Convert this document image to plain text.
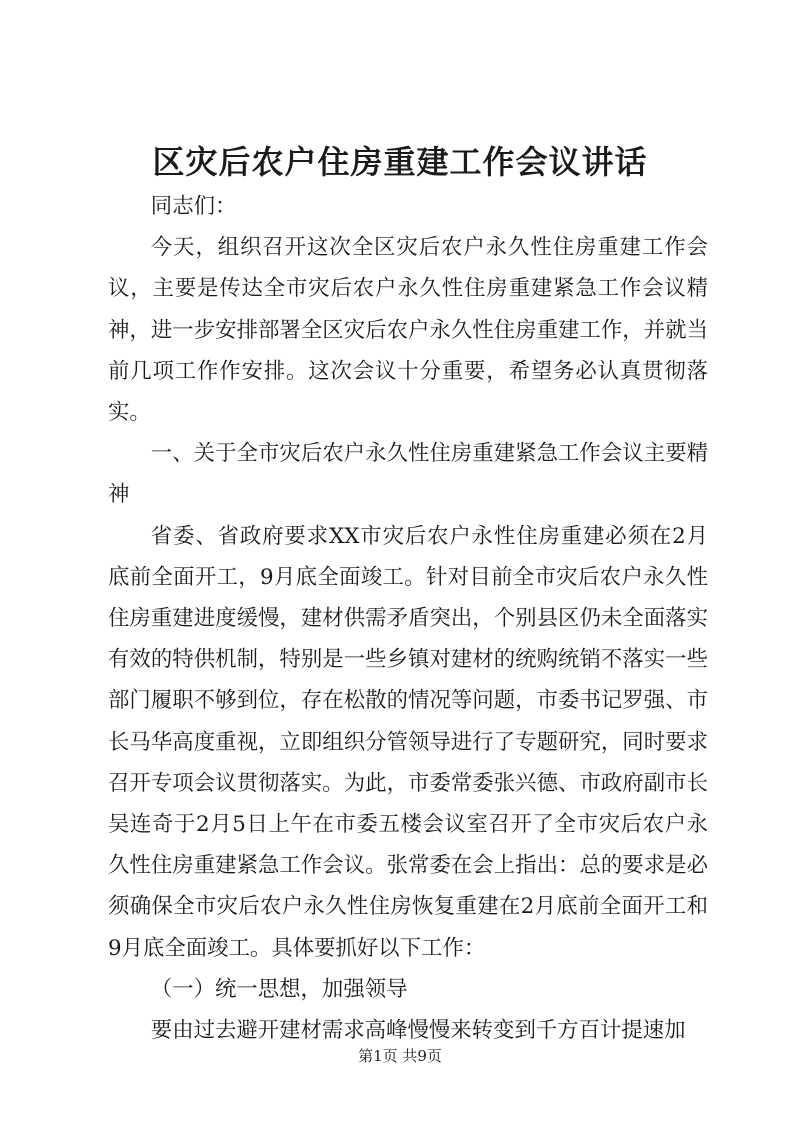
区灾后农户住房重建工作会议讲话

同志们：

今天，组织召开这次全区灾后农户永久性住房重建工作会议，主要是传达全市灾后农户永久性住房重建紧急工作会议精神，进一步安排部署全区灾后农户永久性住房重建工作，并就当前几项工作作安排。这次会议十分重要，希望务必认真贯彻落实。

一、关于全市灾后农户永久性住房重建紧急工作会议主要精神

省委、省政府要求XX市灾后农户永性住房重建必须在2月底前全面开工，9月底全面竣工。针对目前全市灾后农户永久性住房重建进度缓慢，建材供需矛盾突出，个别县区仍未全面落实有效的特供机制，特别是一些乡镇对建材的统购统销不落实一些部门履职不够到位，存在松散的情况等问题，市委书记罗强、市长马华高度重视，立即组织分管领导进行了专题研究，同时要求召开专项会议贯彻落实。为此，市委常委张兴德、市政府副市长吴连奇于2月5日上午在市委五楼会议室召开了全市灾后农户永久性住房重建紧急工作会议。张常委在会上指出：总的要求是必须确保全市灾后农户永久性住房恢复重建在2月底前全面开工和9月底全面竣工。具体要抓好以下工作：

（一）统一思想，加强领导

要由过去避开建材需求高峰慢慢来转变到千方百计提速加

第1页 共9页
